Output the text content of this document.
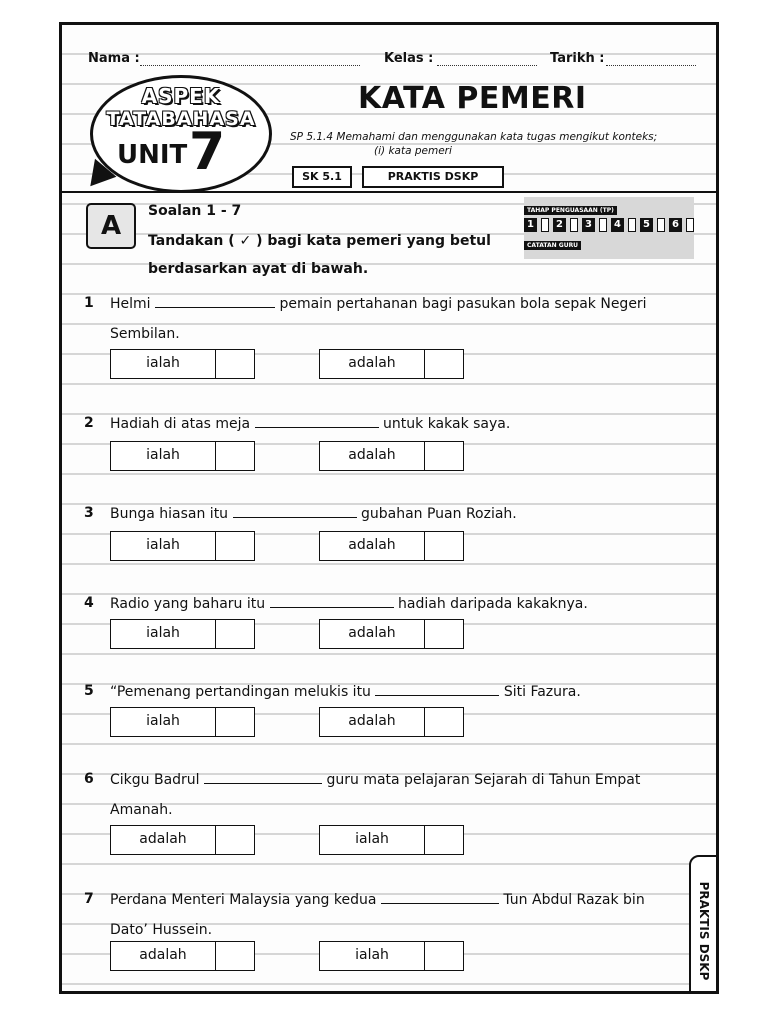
Nama :	Kelas :	Tarikh :
ASPEK
TATABAHASA
UNIT 7
KATA PEMERI
SP 5.1.4 Memahami dan menggunakan kata tugas mengikut konteks;
(i) kata pemeri
SK 5.1	PRAKTIS DSKP
A	Soalan 1 - 7
Tandakan ( ✓ ) bagi kata pemeri yang betul
berdasarkan ayat di bawah.
TAHAP PENGUASAAN (TP)
1	2	3	4	5	6
CATATAN GURU
1 Helmi	pemain pertahanan bagi pasukan bola sepak Negeri
Sembilan.
ialah	adalah
2 Hadiah di atas meja	untuk kakak saya.
ialah	adalah
3 Bunga hiasan itu	gubahan Puan Roziah.
ialah	adalah
4 Radio yang baharu itu	hadiah daripada kakaknya.
ialah	adalah
5 “Pemenang pertandingan melukis itu	Siti Fazura.
ialah	adalah
6 Cikgu Badrul	guru mata pelajaran Sejarah di Tahun Empat
Amanah.
adalah	ialah
7 Perdana Menteri Malaysia yang kedua	Tun Abdul Razak bin
Dato’ Hussein.
adalah	ialah	PRAKTIS DSKP
